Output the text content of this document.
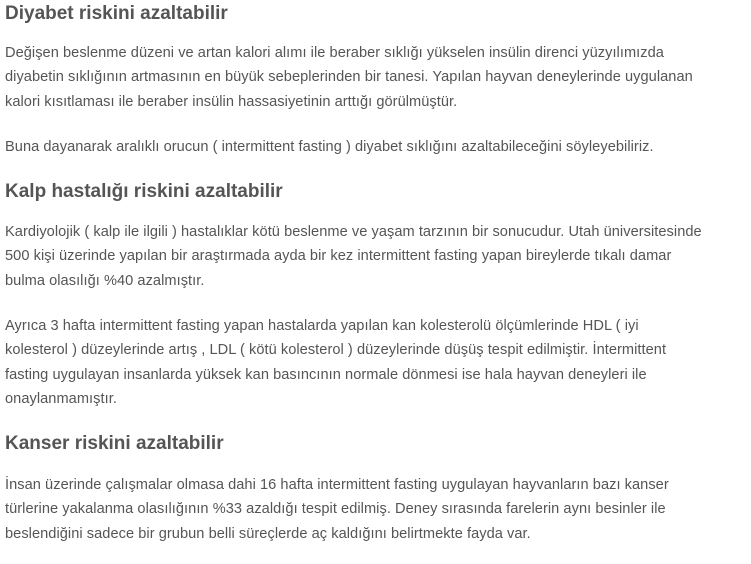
Diyabet riskini azaltabilir

Değişen beslenme düzeni ve artan kalori alımı ile beraber sıklığı yükselen insülin direnci yüzyılımızda

diyabetin sıklığının artmasının en büyük sebeplerinden bir tanesi. Yapılan hayvan deneylerinde uygulanan

kalori kısıtlaması ile beraber insülin hassasiyetinin arttığı görülmüştür.

Buna dayanarak aralıklı orucun ( intermittent fasting ) diyabet sıklığını azaltabileceğini söyleyebiliriz.

Kalp hastalığı riskini azaltabilir

Kardiyolojik ( kalp ile ilgili ) hastalıklar kötü beslenme ve yaşam tarzının bir sonucudur. Utah üniversitesinde

500 kişi üzerinde yapılan bir araştırmada ayda bir kez intermittent fasting yapan bireylerde tıkalı damar

bulma olasılığı %40 azalmıştır.

Ayrıca 3 hafta intermittent fasting yapan hastalarda yapılan kan kolesterolü ölçümlerinde HDL ( iyi

kolesterol ) düzeylerinde artış , LDL ( kötü kolesterol ) düzeylerinde düşüş tespit edilmiştir. İntermittent

fasting uygulayan insanlarda yüksek kan basıncının normale dönmesi ise hala hayvan deneyleri ile

onaylanmamıştır.

Kanser riskini azaltabilir

İnsan üzerinde çalışmalar olmasa dahi 16 hafta intermittent fasting uygulayan hayvanların bazı kanser

türlerine yakalanma olasılığının %33 azaldığı tespit edilmiş. Deney sırasında farelerin aynı besinler ile

beslendiğini sadece bir grubun belli süreçlerde aç kaldığını belirtmekte fayda var.
